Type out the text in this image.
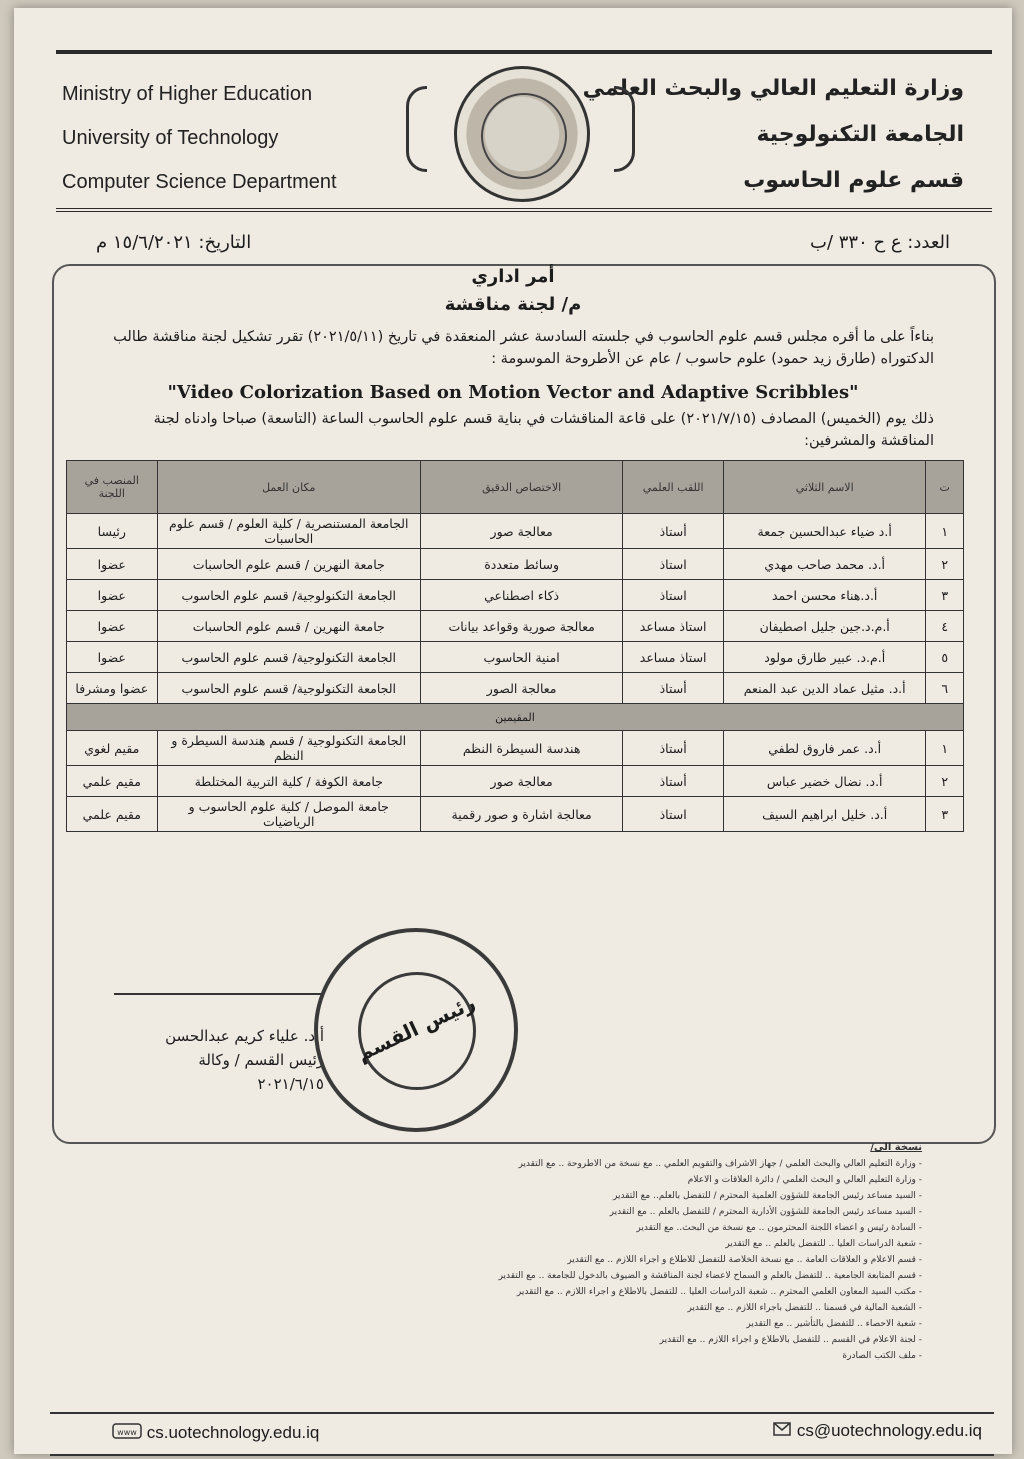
Ministry of Higher Education
University of Technology
Computer Science Department
وزارة التعليم العالي والبحث العلمي
الجامعة التكنولوجية
قسم علوم الحاسوب
العدد: ع ح ٣٣٠ /ب
التاريخ: ١٥/٦/٢٠٢١ م
أمر اداري
م/ لجنة مناقشة
بناءاً على ما أقره مجلس قسم علوم الحاسوب في جلسته السادسة عشر المنعقدة في تاريخ (٢٠٢١/٥/١١) تقرر تشكيل لجنة مناقشة طالب الدكتوراه (طارق زيد حمود) علوم حاسوب / عام عن الأطروحة الموسومة :
"Video Colorization Based on Motion Vector and Adaptive Scribbles"
ذلك يوم (الخميس) المصادف (٢٠٢١/٧/١٥) على قاعة المناقشات في بناية قسم علوم الحاسوب الساعة (التاسعة) صباحا وادناه لجنة المناقشة والمشرفين:
ت	الاسم الثلاثي	اللقب العلمي	الاختصاص الدقيق	مكان العمل	المنصب في اللجنة
١	أ.د ضياء عبدالحسين جمعة	أستاذ	معالجة صور	الجامعة المستنصرية / كلية العلوم / قسم علوم الحاسبات	رئيسا
٢	أ.د. محمد صاحب مهدي	استاذ	وسائط متعددة	جامعة النهرين / قسم علوم الحاسبات	عضوا
٣	أ.د.هناء محسن احمد	استاذ	ذكاء اصطناعي	الجامعة التكنولوجية/ قسم علوم الحاسوب	عضوا
٤	أ.م.د.جين جليل اصطيفان	استاذ مساعد	معالجة صورية وقواعد بيانات	جامعة النهرين / قسم علوم الحاسبات	عضوا
٥	أ.م.د. عبير طارق مولود	استاذ مساعد	امنية الحاسوب	الجامعة التكنولوجية/ قسم علوم الحاسوب	عضوا
٦	أ.د. مثيل عماد الدين عبد المنعم	أستاذ	معالجة الصور	الجامعة التكنولوجية/ قسم علوم الحاسوب	عضوا ومشرفا
المقيمين					
١	أ.د. عمر فاروق لطفي	أستاذ	هندسة السيطرة النظم	الجامعة التكنولوجية / قسم هندسة السيطرة و النظم	مقيم لغوي
٢	أ.د. نضال خضير عباس	أستاذ	معالجة صور	جامعة الكوفة / كلية التربية المختلطة	مقيم علمي
٣	أ.د. خليل ابراهيم السيف	استاذ	معالجة اشارة و صور رقمية	جامعة الموصل / كلية علوم الحاسوب و الرياضيات	مقيم علمي
أ.د. علياء كريم عبدالحسن
رئيس القسم / وكالة
٢٠٢١/٦/١٥
رئيس القسم
نسخة الى/
- وزارة التعليم العالي والبحث العلمي / جهاز الاشراف والتقويم العلمي .. مع نسخة من الاطروحة .. مع التقدير
- وزارة التعليم العالي و البحث العلمي / دائرة العلاقات و الاعلام
- السيد مساعد رئيس الجامعة للشؤون العلمية المحترم / للتفضل بالعلم.. مع التقدير
- السيد مساعد رئيس الجامعة للشؤون الأدارية المحترم / للتفضل بالعلم .. مع التقدير
- السادة رئيس و اعضاء اللجنة المحترمون .. مع نسخة من البحث.. مع التقدير
- شعبة الدراسات العليا .. للتفضل بالعلم .. مع التقدير
- قسم الاعلام و العلاقات العامة .. مع نسخة الخلاصة للتفضل للاطلاع و اجراء اللازم .. مع التقدير
- قسم المتابعة الجامعية .. للتفضل بالعلم و السماح لاعضاء لجنة المناقشة و الضيوف بالدخول للجامعة .. مع التقدير
- مكتب السيد المعاون العلمي المحترم .. شعبة الدراسات العليا .. للتفضل بالاطلاع و اجراء اللازم .. مع التقدير
- الشعبة المالية في قسمنا .. للتفضل باجراء اللازم .. مع التقدير
- شعبة الاحصاء .. للتفضل بالتأشير .. مع التقدير
- لجنة الاعلام في القسم .. للتفضل بالاطلاع و اجراء اللازم .. مع التقدير
- ملف الكتب الصادرة
www cs.uotechnology.edu.iq	cs@uotechnology.edu.iq
